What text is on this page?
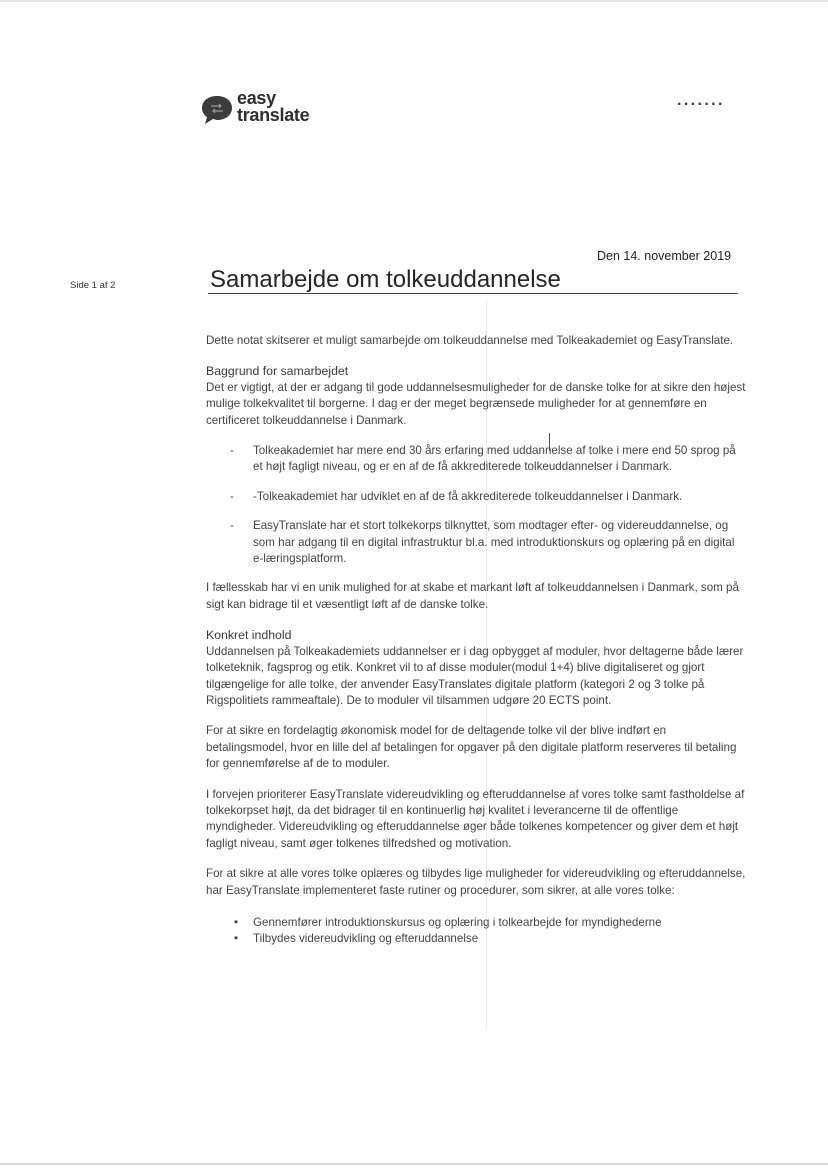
easy
translate
·······
Den 14. november 2019
Side 1 af 2	Samarbejde om tolkeuddannelse

Dette notat skitserer et muligt samarbejde om tolkeuddannelse med Tolkeakademiet og EasyTranslate.

Baggrund for samarbejdet

Det er vigtigt, at der er adgang til gode uddannelsesmuligheder for de danske tolke for at sikre den højest mulige tolkekvalitet til borgerne. I dag er der meget begrænsede muligheder for at gennemføre en certificeret tolkeuddannelse i Danmark.

- Tolkeakademiet har mere end 30 års erfaring med uddannelse af tolke i mere end 50 sprog på et højt fagligt niveau, og er en af de få akkrediterede tolkeuddannelser i Danmark.
- -Tolkeakademiet har udviklet en af de få akkrediterede tolkeuddannelser i Danmark.
- EasyTranslate har et stort tolkekorps tilknyttet, som modtager efter- og videreuddannelse, og som har adgang til en digital infrastruktur bl.a. med introduktionskurs og oplæring på en digital e-læringsplatform.

I fællesskab har vi en unik mulighed for at skabe et markant løft af tolkeuddannelsen i Danmark, som på sigt kan bidrage til et væsentligt løft af de danske tolke.

Konkret indhold

Uddannelsen på Tolkeakademiets uddannelser er i dag opbygget af moduler, hvor deltagerne både lærer tolketeknik, fagsprog og etik. Konkret vil to af disse moduler(modul 1+4) blive digitaliseret og gjort tilgængelige for alle tolke, der anvender EasyTranslates digitale platform (kategori 2 og 3 tolke på Rigspolitiets rammeaftale). De to moduler vil tilsammen udgøre 20 ECTS point.

For at sikre en fordelagtig økonomisk model for de deltagende tolke vil der blive indført en betalingsmodel, hvor en lille del af betalingen for opgaver på den digitale platform reserveres til betaling for gennemførelse af de to moduler.

I forvejen prioriterer EasyTranslate videreudvikling og efteruddannelse af vores tolke samt fastholdelse af tolkekorpset højt, da det bidrager til en kontinuerlig høj kvalitet i leverancerne til de offentlige myndigheder. Videreudvikling og efteruddannelse øger både tolkenes kompetencer og giver dem et højt fagligt niveau, samt øger tolkenes tilfredshed og motivation.

For at sikre at alle vores tolke oplæres og tilbydes lige muligheder for videreudvikling og efteruddannelse, har EasyTranslate implementeret faste rutiner og procedurer, som sikrer, at alle vores tolke:

• Gennemfører introduktionskursus og oplæring i tolkearbejde for myndighederne
• Tilbydes videreudvikling og efteruddannelse
